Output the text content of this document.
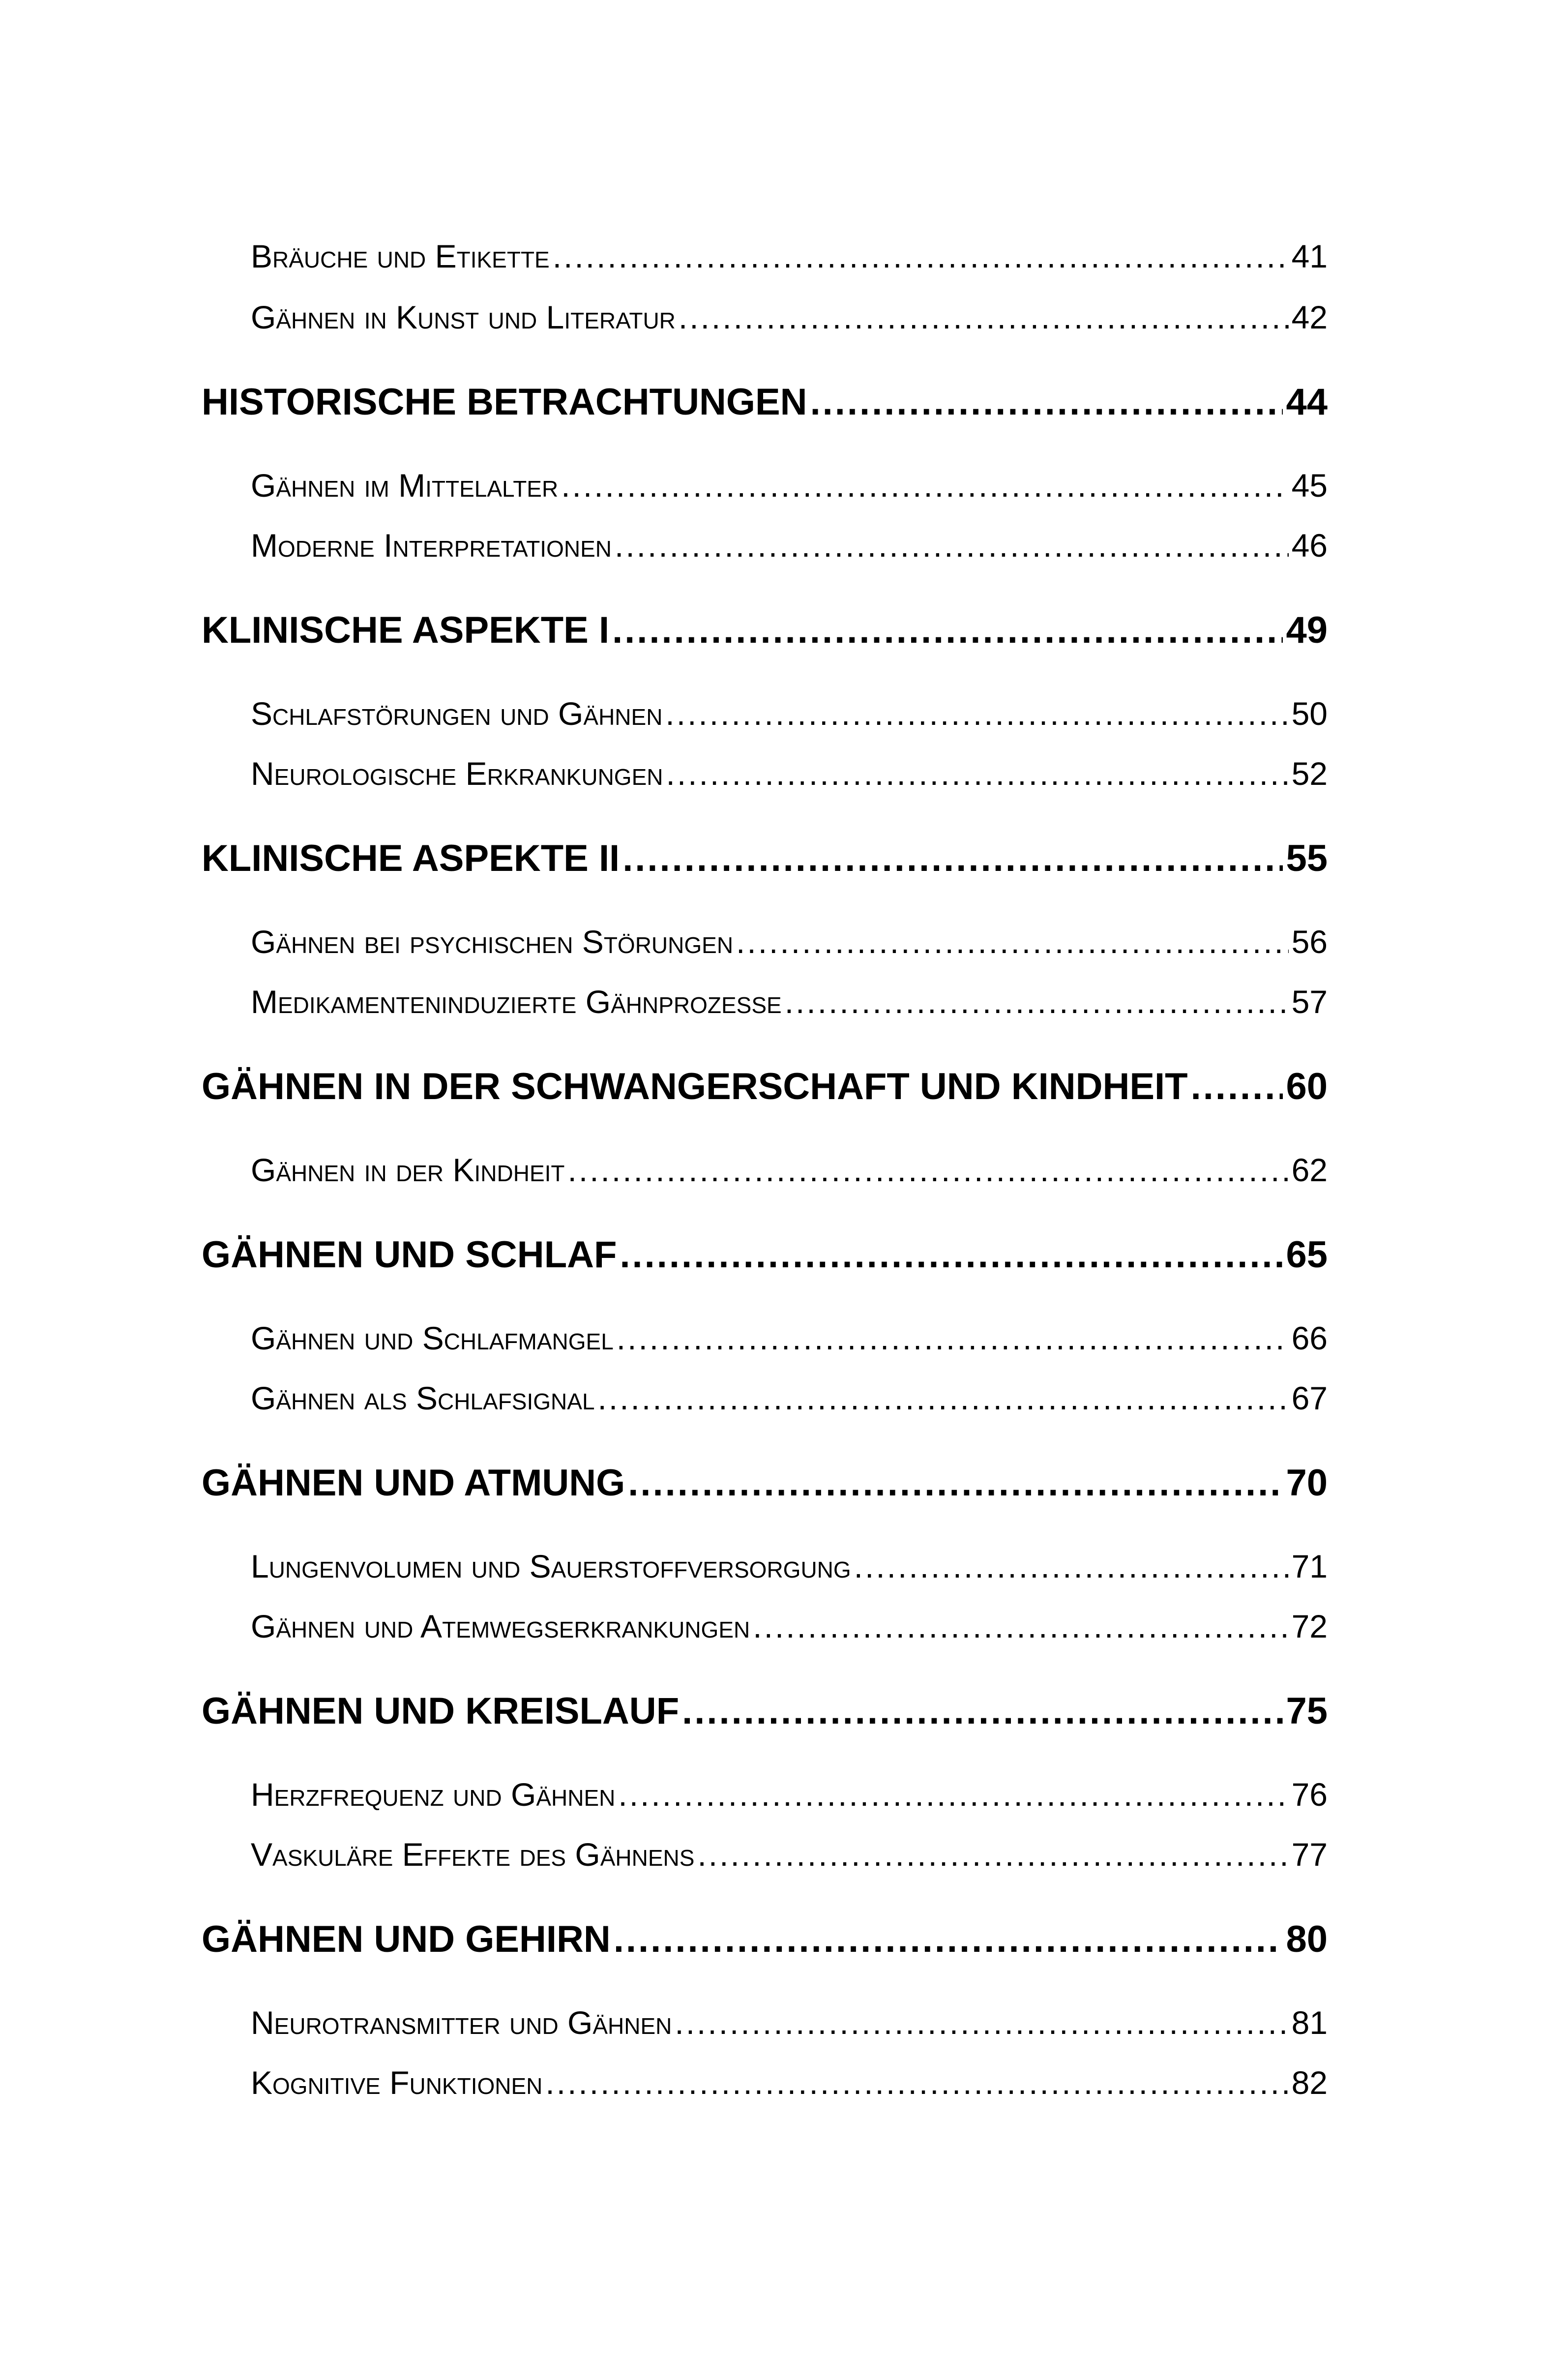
Bräuche und Etikette .....	41
Gähnen in Kunst und Literatur .....	42
HISTORISCHE BETRACHTUNGEN .....	44
Gähnen im Mittelalter .....	45
Moderne Interpretationen .....	46
KLINISCHE ASPEKTE I .....	49
Schlafstörungen und Gähnen .....	50
Neurologische Erkrankungen .....	52
KLINISCHE ASPEKTE II .....	55
Gähnen bei psychischen Störungen .....	56
Medikamenteninduzierte Gähnprozesse .....	57
GÄHNEN IN DER SCHWANGERSCHAFT UND KINDHEIT .....	60
Gähnen in der Kindheit .....	62
GÄHNEN UND SCHLAF .....	65
Gähnen und Schlafmangel .....	66
Gähnen als Schlafsignal .....	67
GÄHNEN UND ATMUNG .....	70
Lungenvolumen und Sauerstoffversorgung .....	71
Gähnen und Atemwegserkrankungen .....	72
GÄHNEN UND KREISLAUF .....	75
Herzfrequenz und Gähnen .....	76
Vaskuläre Effekte des Gähnens .....	77
GÄHNEN UND GEHIRN .....	80
Neurotransmitter und Gähnen .....	81
Kognitive Funktionen .....	82
